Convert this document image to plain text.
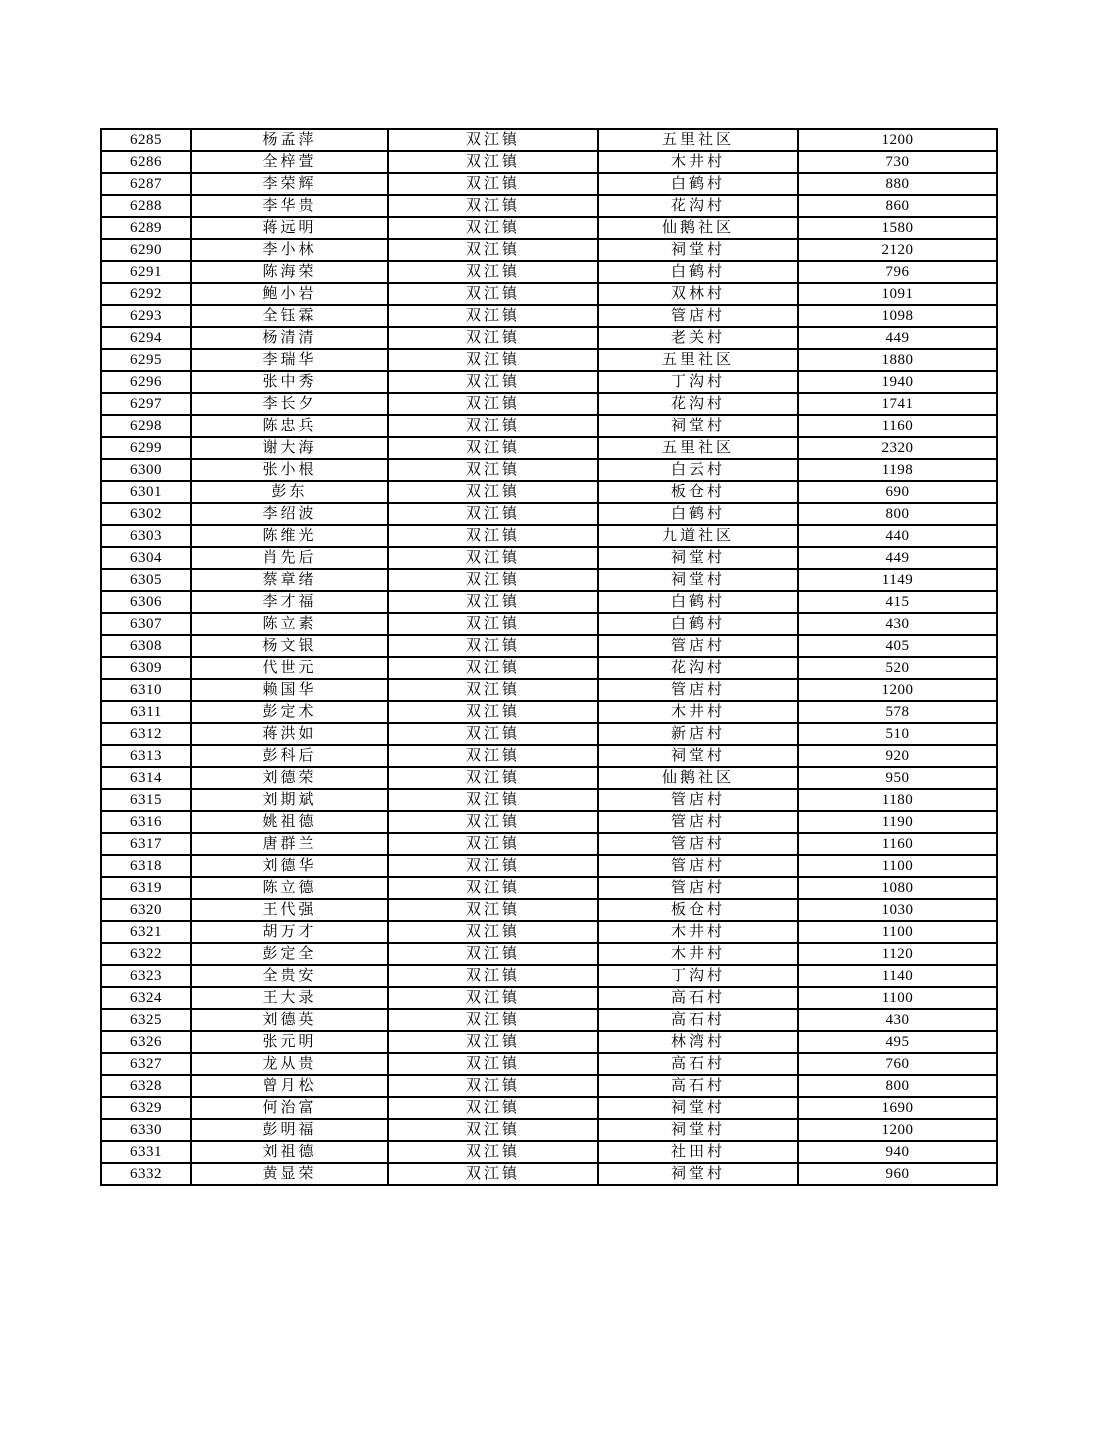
6285	杨孟萍	双江镇	五里社区	1200
6286	全梓萱	双江镇	木井村	730
6287	李荣辉	双江镇	白鹤村	880
6288	李华贵	双江镇	花沟村	860
6289	蒋远明	双江镇	仙鹅社区	1580
6290	李小林	双江镇	祠堂村	2120
6291	陈海荣	双江镇	白鹤村	796
6292	鲍小岩	双江镇	双林村	1091
6293	全钰霖	双江镇	管店村	1098
6294	杨清清	双江镇	老关村	449
6295	李瑞华	双江镇	五里社区	1880
6296	张中秀	双江镇	丁沟村	1940
6297	李长夕	双江镇	花沟村	1741
6298	陈忠兵	双江镇	祠堂村	1160
6299	谢大海	双江镇	五里社区	2320
6300	张小根	双江镇	白云村	1198
6301	彭东	双江镇	板仓村	690
6302	李绍波	双江镇	白鹤村	800
6303	陈维光	双江镇	九道社区	440
6304	肖先后	双江镇	祠堂村	449
6305	蔡章绪	双江镇	祠堂村	1149
6306	李才福	双江镇	白鹤村	415
6307	陈立素	双江镇	白鹤村	430
6308	杨文银	双江镇	管店村	405
6309	代世元	双江镇	花沟村	520
6310	赖国华	双江镇	管店村	1200
6311	彭定术	双江镇	木井村	578
6312	蒋洪如	双江镇	新店村	510
6313	彭科后	双江镇	祠堂村	920
6314	刘德荣	双江镇	仙鹅社区	950
6315	刘期斌	双江镇	管店村	1180
6316	姚祖德	双江镇	管店村	1190
6317	唐群兰	双江镇	管店村	1160
6318	刘德华	双江镇	管店村	1100
6319	陈立德	双江镇	管店村	1080
6320	王代强	双江镇	板仓村	1030
6321	胡万才	双江镇	木井村	1100
6322	彭定全	双江镇	木井村	1120
6323	全贵安	双江镇	丁沟村	1140
6324	王大录	双江镇	高石村	1100
6325	刘德英	双江镇	高石村	430
6326	张元明	双江镇	林湾村	495
6327	龙从贵	双江镇	高石村	760
6328	曾月松	双江镇	高石村	800
6329	何治富	双江镇	祠堂村	1690
6330	彭明福	双江镇	祠堂村	1200
6331	刘祖德	双江镇	社田村	940
6332	黄显荣	双江镇	祠堂村	960
